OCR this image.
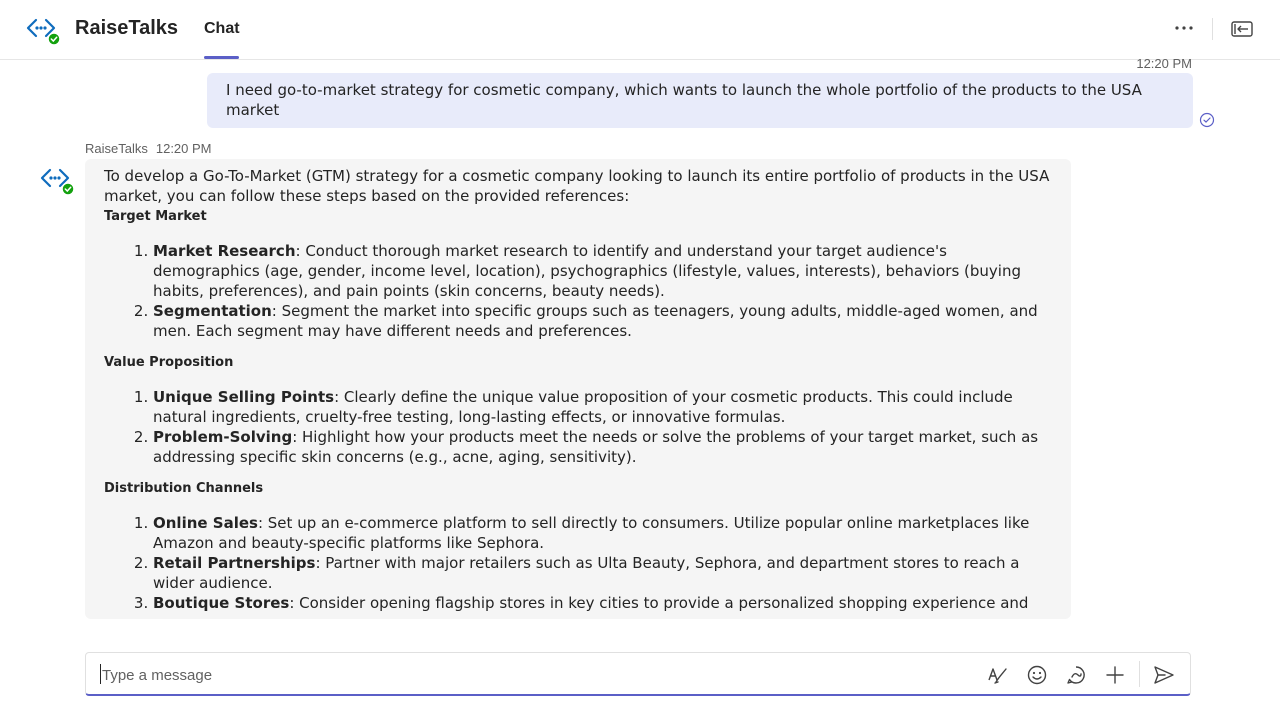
RaiseTalks Chat
12:20 PM
I need go-to-market strategy for cosmetic company, which wants to launch the whole portfolio of the products to the USA market
RaiseTalks 12:20 PM

To develop a Go-To-Market (GTM) strategy for a cosmetic company looking to launch its entire portfolio of products in the USA market, you can follow these steps based on the provided references:

Target Market
1. Market Research: Conduct thorough market research to identify and understand your target audience's demographics (age, gender, income level, location), psychographics (lifestyle, values, interests), behaviors (buying habits, preferences), and pain points (skin concerns, beauty needs).
2. Segmentation: Segment the market into specific groups such as teenagers, young adults, middle-aged women, and men. Each segment may have different needs and preferences.
Value Proposition
1. Unique Selling Points: Clearly define the unique value proposition of your cosmetic products. This could include natural ingredients, cruelty-free testing, long-lasting effects, or innovative formulas.
2. Problem-Solving: Highlight how your products meet the needs or solve the problems of your target market, such as addressing specific skin concerns (e.g., acne, aging, sensitivity).
Distribution Channels
1. Online Sales: Set up an e-commerce platform to sell directly to consumers. Utilize popular online marketplaces like Amazon and beauty-specific platforms like Sephora.
2. Retail Partnerships: Partner with major retailers such as Ulta Beauty, Sephora, and department stores to reach a wider audience.
3. Boutique Stores: Consider opening flagship stores in key cities to provide a personalized shopping experience and
Type a message
